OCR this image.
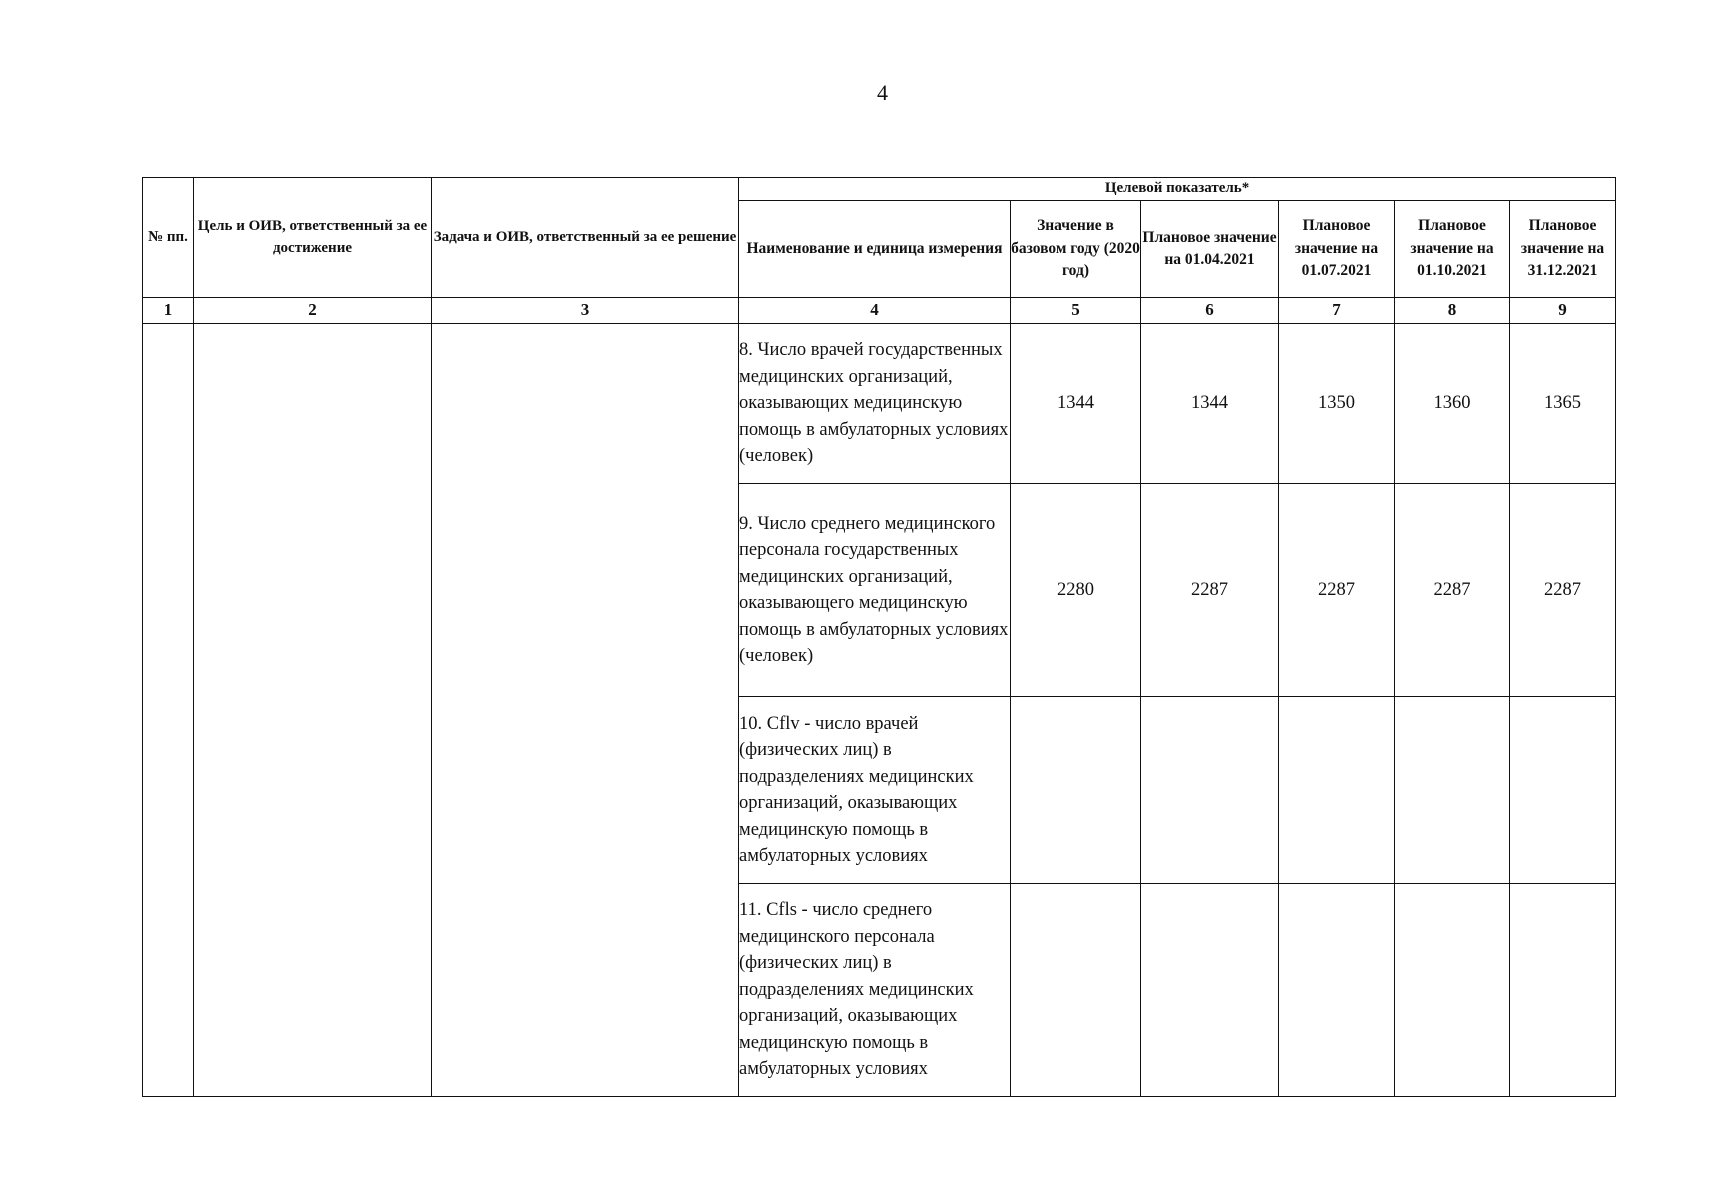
4
№ пп.	Цель и ОИВ, ответственный за ее достижение	Задача и ОИВ, ответственный за ее решение	Целевой показатель*					
			Наименование и единица измерения	Значение в базовом году (2020 год)	Плановое значение на 01.04.2021	Плановое значение на 01.07.2021	Плановое значение на 01.10.2021	Плановое значение на 31.12.2021
1	2	3	4	5	6	7	8	9
			8. Число врачей государственных медицинских организаций, оказывающих медицинскую помощь в амбулаторных условиях (человек)	1344	1344	1350	1360	1365
			9. Число среднего медицинского персонала государственных медицинских организаций, оказывающего медицинскую помощь в амбулаторных условиях (человек)	2280	2287	2287	2287	2287
			10. Cflv - число врачей (физических лиц) в подразделениях медицинских организаций, оказывающих медицинскую помощь в амбулаторных условиях					
			11. Cfls - число среднего медицинского персонала (физических лиц) в подразделениях медицинских организаций, оказывающих медицинскую помощь в амбулаторных условиях					
